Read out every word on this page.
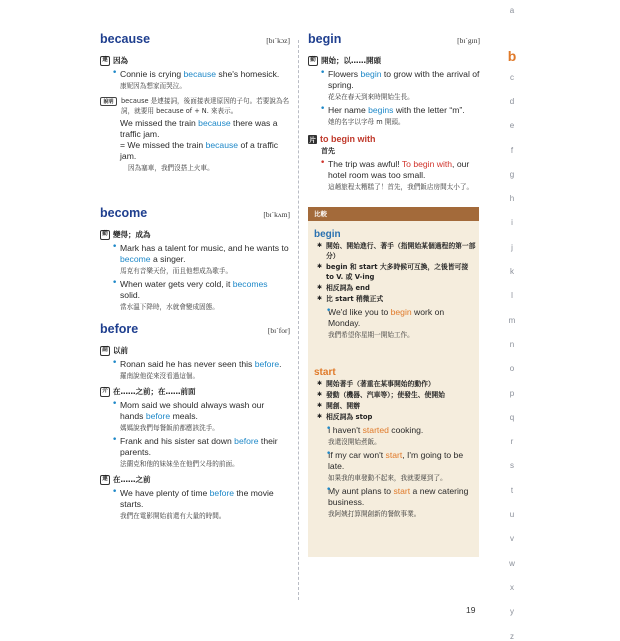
because	[bɪˋkɔz]
連 因為
• Connie is crying because she's homesick.
康妮因為想家而哭泣。
說明	because 是連接詞，後面接表達原因的子句。若要說為名詞，就要用 because of + N. 來表示。
We missed the train because there was a traffic jam.
= We missed the train because of a traffic jam.
因為塞車，我們沒搭上火車。
become	[bɪˋkʌm]
動 變得；成為
• Mark has a talent for music, and he wants to become a singer.
馬克有音樂天份，而且他想成為歌手。
• When water gets very cold, it becomes solid.
當水溫下降時，水就會變成固態。
before	[bɪˋfor]
副 以前
• Ronan said he has never seen this before.
羅南說他從來沒看過這個。
介 在……之前；在……前面
• Mom said we should always wash our hands before meals.
媽媽說我們每餐飯前都應該洗手。
• Frank and his sister sat down before their parents.
法蘭克和他的妹妹坐在他們父母的前面。
連 在……之前
• We have plenty of time before the movie starts.
我們在電影開始前還有大量的時間。
begin	[bɪˋgɪn]
動 開始；以……開頭
• Flowers begin to grow with the arrival of spring.
花朵在春天到來時開始生長。
• Her name begins with the letter “m”.
她的名字以字母 m 開頭。
片 to begin with
首先
• The trip was awful! To begin with, our hotel room was too small.
這趟旅程太糟糕了！首先，我們飯店房間太小了。
比較
begin
✱ 開始、開始進行、著手（指開始某個過程的第一部分）
✱ begin 和 start 大多時候可互換，之後皆可接 to V. 或 V-ing
✱ 相反詞為 end
✱ 比 start 稍微正式
• We'd like you to begin work on Monday.
我們希望你星期一開始工作。
start
✱ 開始著手（著重在某事開始的動作）
✱ 發動（機器、汽車等）；使發生、使開始
✱ 開創、開辦
✱ 相反詞為 stop
• I haven't started cooking.
我還沒開始煮飯。
• If my car won't start, I'm going to be late.
如果我的車發動不起來，我就要遲到了。
• My aunt plans to start a new catering business.
我阿姨打算開創新的餐飲事業。
a
b
c
d
e
f
g
h
i
j
k
l
m
n
o
p
q
r
s
t
u
v
w
x
y
z
19
